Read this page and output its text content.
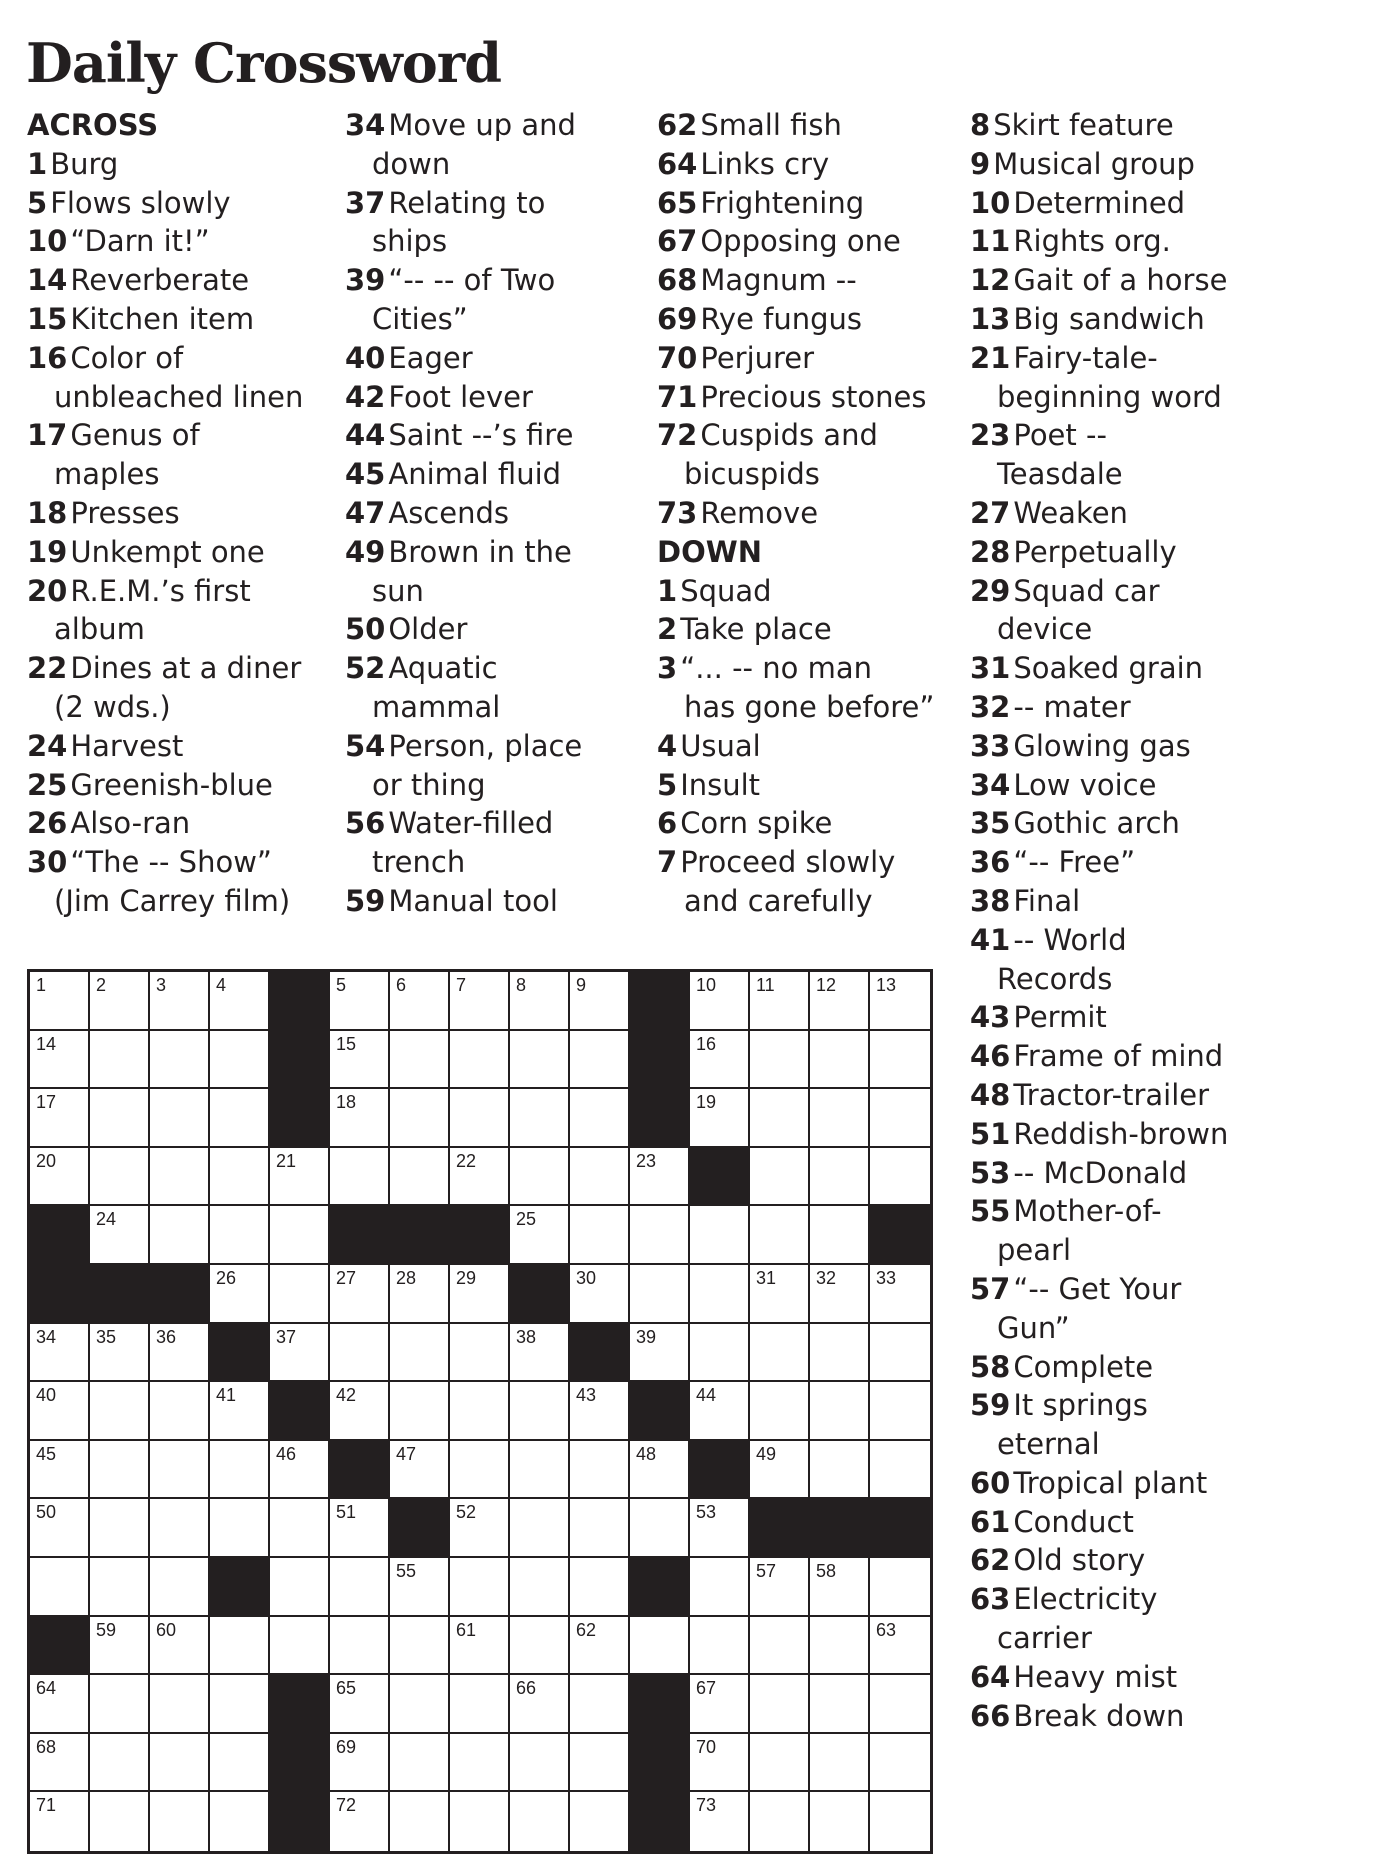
Daily Crossword
ACROSS
1 Burg
5 Flows slowly
10 “Darn it!”
14 Reverberate
15 Kitchen item
16 Color of
unbleached linen
17 Genus of
maples
18 Presses
19 Unkempt one
20 R.E.M.’s first
album
22 Dines at a diner
(2 wds.)
24 Harvest
25 Greenish-blue
26 Also-ran
30 “The -- Show”
(Jim Carrey film)
34 Move up and
down
37 Relating to
ships
39 “-- -- of Two
Cities”
40 Eager
42 Foot lever
44 Saint --’s fire
45 Animal fluid
47 Ascends
49 Brown in the
sun
50 Older
52 Aquatic
mammal
54 Person, place
or thing
56 Water-filled
trench
59 Manual tool
62 Small fish
64 Links cry
65 Frightening
67 Opposing one
68 Magnum --
69 Rye fungus
70 Perjurer
71 Precious stones
72 Cuspids and
bicuspids
73 Remove
DOWN
1 Squad
2 Take place
3 “... -- no man
has gone before”
4 Usual
5 Insult
6 Corn spike
7 Proceed slowly
and carefully
8 Skirt feature
9 Musical group
10 Determined
11 Rights org.
12 Gait of a horse
13 Big sandwich
21 Fairy-tale-
beginning word
23 Poet --
Teasdale
27 Weaken
28 Perpetually
29 Squad car
device
31 Soaked grain
32 -- mater
33 Glowing gas
34 Low voice
35 Gothic arch
36 “-- Free”
38 Final
41 -- World
Records
43 Permit
46 Frame of mind
48 Tractor-trailer
51 Reddish-brown
53 -- McDonald
55 Mother-of-
pearl
57 “-- Get Your
Gun”
58 Complete
59 It springs
eternal
60 Tropical plant
61 Conduct
62 Old story
63 Electricity
carrier
64 Heavy mist
66 Break down
1	2	3	4	5	6	7	8	9	10 11 12 13
14	15	16
17	18	19
20	21	22	23
24	25
26	27 28 29	30	31 32 33
34 35 36	37	38	39
40	41	42	43	44
45	46	47	48	49
50	51	52	53
55	57 58
59 60	61	62	63
64	65	66	67
68	69	70
71	72	73
